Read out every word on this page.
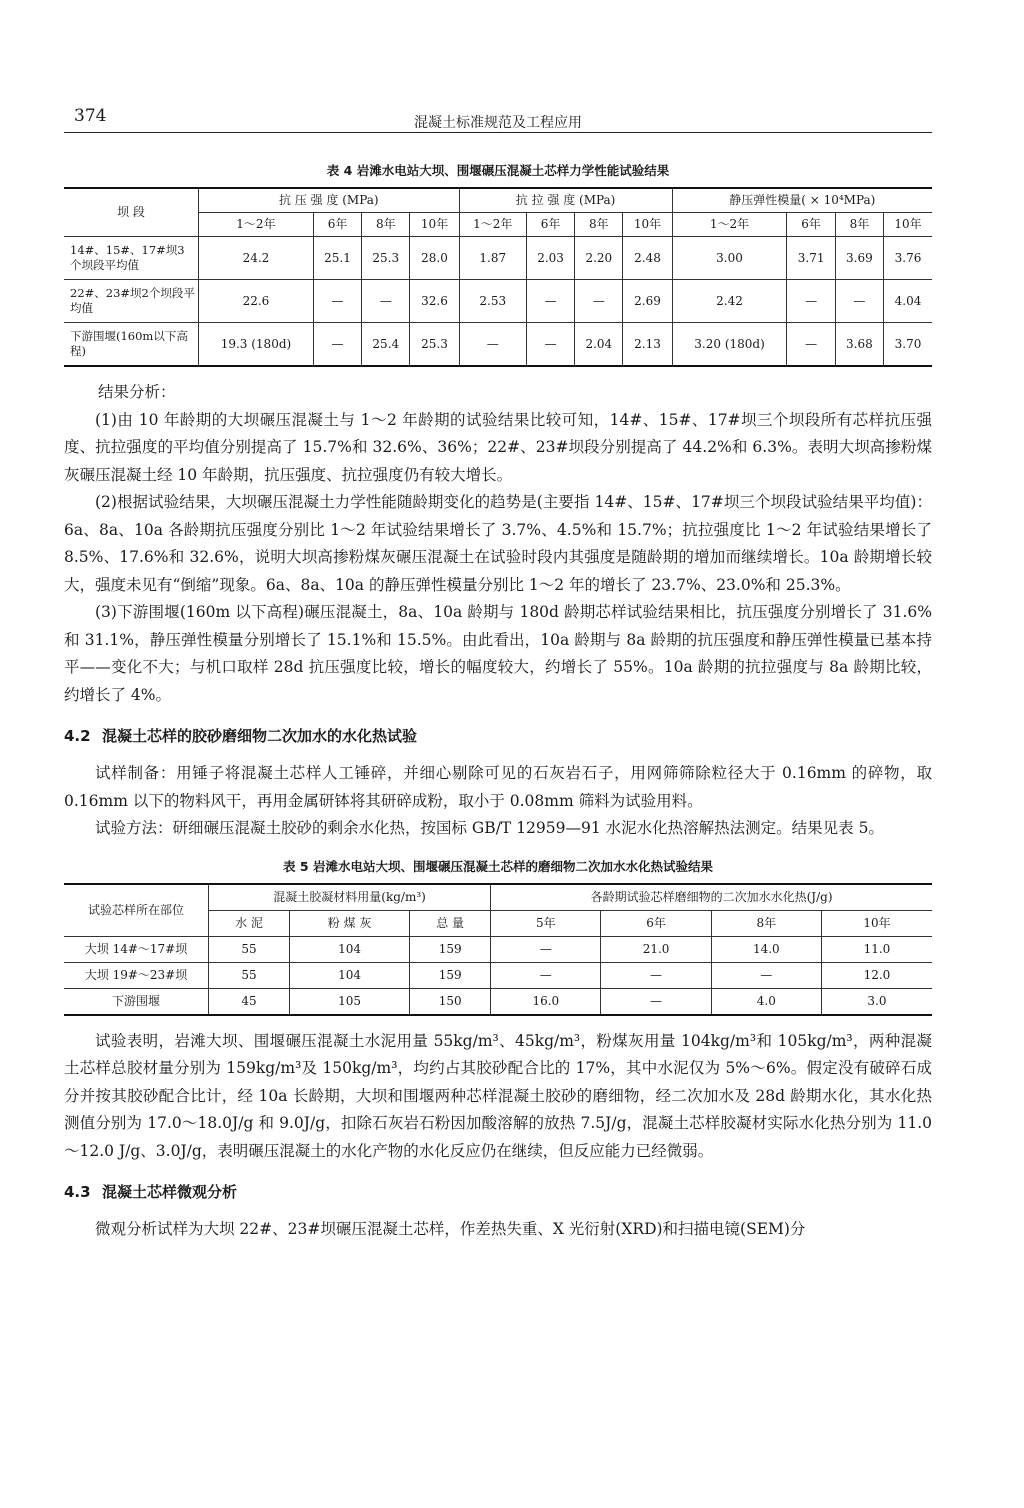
374	混凝土标准规范及工程应用
表 4 岩滩水电站大坝、围堰碾压混凝土芯样力学性能试验结果
坝 段	抗 压 强 度 (MPa)				抗 拉 强 度 (MPa)				静压弹性模量( × 10⁴MPa)			
	1～2年	6年	8年	10年	1～2年	6年	8年	10年	1～2年	6年	8年	10年
14#、15#、17#坝3个坝段平均值	24.2	25.1	25.3	28.0	1.87	2.03	2.20	2.48	3.00	3.71	3.69	3.76
22#、23#坝2个坝段平均值	22.6	—	—	32.6	2.53	—	—	2.69	2.42	—	—	4.04
下游围堰(160m以下高程)	19.3 (180d)	—	25.4	25.3	—	—	2.04	2.13	3.20 (180d)	—	3.68	3.70

结果分析：

(1)由 10 年龄期的大坝碾压混凝土与 1～2 年龄期的试验结果比较可知，14#、15#、17#坝三个坝段所有芯样抗压强度、抗拉强度的平均值分别提高了 15.7%和 32.6%、36%；22#、23#坝段分别提高了 44.2%和 6.3%。表明大坝高掺粉煤灰碾压混凝土经 10 年龄期，抗压强度、抗拉强度仍有较大增长。

(2)根据试验结果，大坝碾压混凝土力学性能随龄期变化的趋势是(主要指 14#、15#、17#坝三个坝段试验结果平均值)：6a、8a、10a 各龄期抗压强度分别比 1～2 年试验结果增长了 3.7%、4.5%和 15.7%；抗拉强度比 1～2 年试验结果增长了 8.5%、17.6%和 32.6%，说明大坝高掺粉煤灰碾压混凝土在试验时段内其强度是随龄期的增加而继续增长。10a 龄期增长较大，强度未见有“倒缩”现象。6a、8a、10a 的静压弹性模量分别比 1～2 年的增长了 23.7%、23.0%和 25.3%。

(3)下游围堰(160m 以下高程)碾压混凝土，8a、10a 龄期与 180d 龄期芯样试验结果相比，抗压强度分别增长了 31.6%和 31.1%，静压弹性模量分别增长了 15.1%和 15.5%。由此看出，10a 龄期与 8a 龄期的抗压强度和静压弹性模量已基本持平——变化不大；与机口取样 28d 抗压强度比较，增长的幅度较大，约增长了 55%。10a 龄期的抗拉强度与 8a 龄期比较，约增长了 4%。

4.2 混凝土芯样的胶砂磨细物二次加水的水化热试验

试样制备：用锤子将混凝土芯样人工锤碎，并细心剔除可见的石灰岩石子，用网筛筛除粒径大于 0.16mm 的碎物，取 0.16mm 以下的物料风干，再用金属研钵将其研碎成粉，取小于 0.08mm 筛料为试验用料。

试验方法：研细碾压混凝土胶砂的剩余水化热，按国标 GB/T 12959—91 水泥水化热溶解热法测定。结果见表 5。

表 5 岩滩水电站大坝、围堰碾压混凝土芯样的磨细物二次加水水化热试验结果
试验芯样所在部位	混凝土胶凝材料用量(kg/m³)			各龄期试验芯样磨细物的二次加水水化热(J/g)			
	水 泥	粉 煤 灰	总 量	5年	6年	8年	10年
大坝 14#～17#坝	55	104	159	—	21.0	14.0	11.0
大坝 19#～23#坝	55	104	159	—	—	—	12.0
下游围堰	45	105	150	16.0	—	4.0	3.0

试验表明，岩滩大坝、围堰碾压混凝土水泥用量 55kg/m³、45kg/m³，粉煤灰用量 104kg/m³和 105kg/m³，两种混凝土芯样总胶材量分别为 159kg/m³及 150kg/m³，均约占其胶砂配合比的 17%，其中水泥仅为 5%～6%。假定没有破碎石成分并按其胶砂配合比计，经 10a 长龄期，大坝和围堰两种芯样混凝土胶砂的磨细物，经二次加水及 28d 龄期水化，其水化热测值分别为 17.0～18.0J/g 和 9.0J/g，扣除石灰岩石粉因加酸溶解的放热 7.5J/g，混凝土芯样胶凝材实际水化热分别为 11.0～12.0 J/g、3.0J/g，表明碾压混凝土的水化产物的水化反应仍在继续，但反应能力已经微弱。

4.3 混凝土芯样微观分析

微观分析试样为大坝 22#、23#坝碾压混凝土芯样，作差热失重、X 光衍射(XRD)和扫描电镜(SEM)分
